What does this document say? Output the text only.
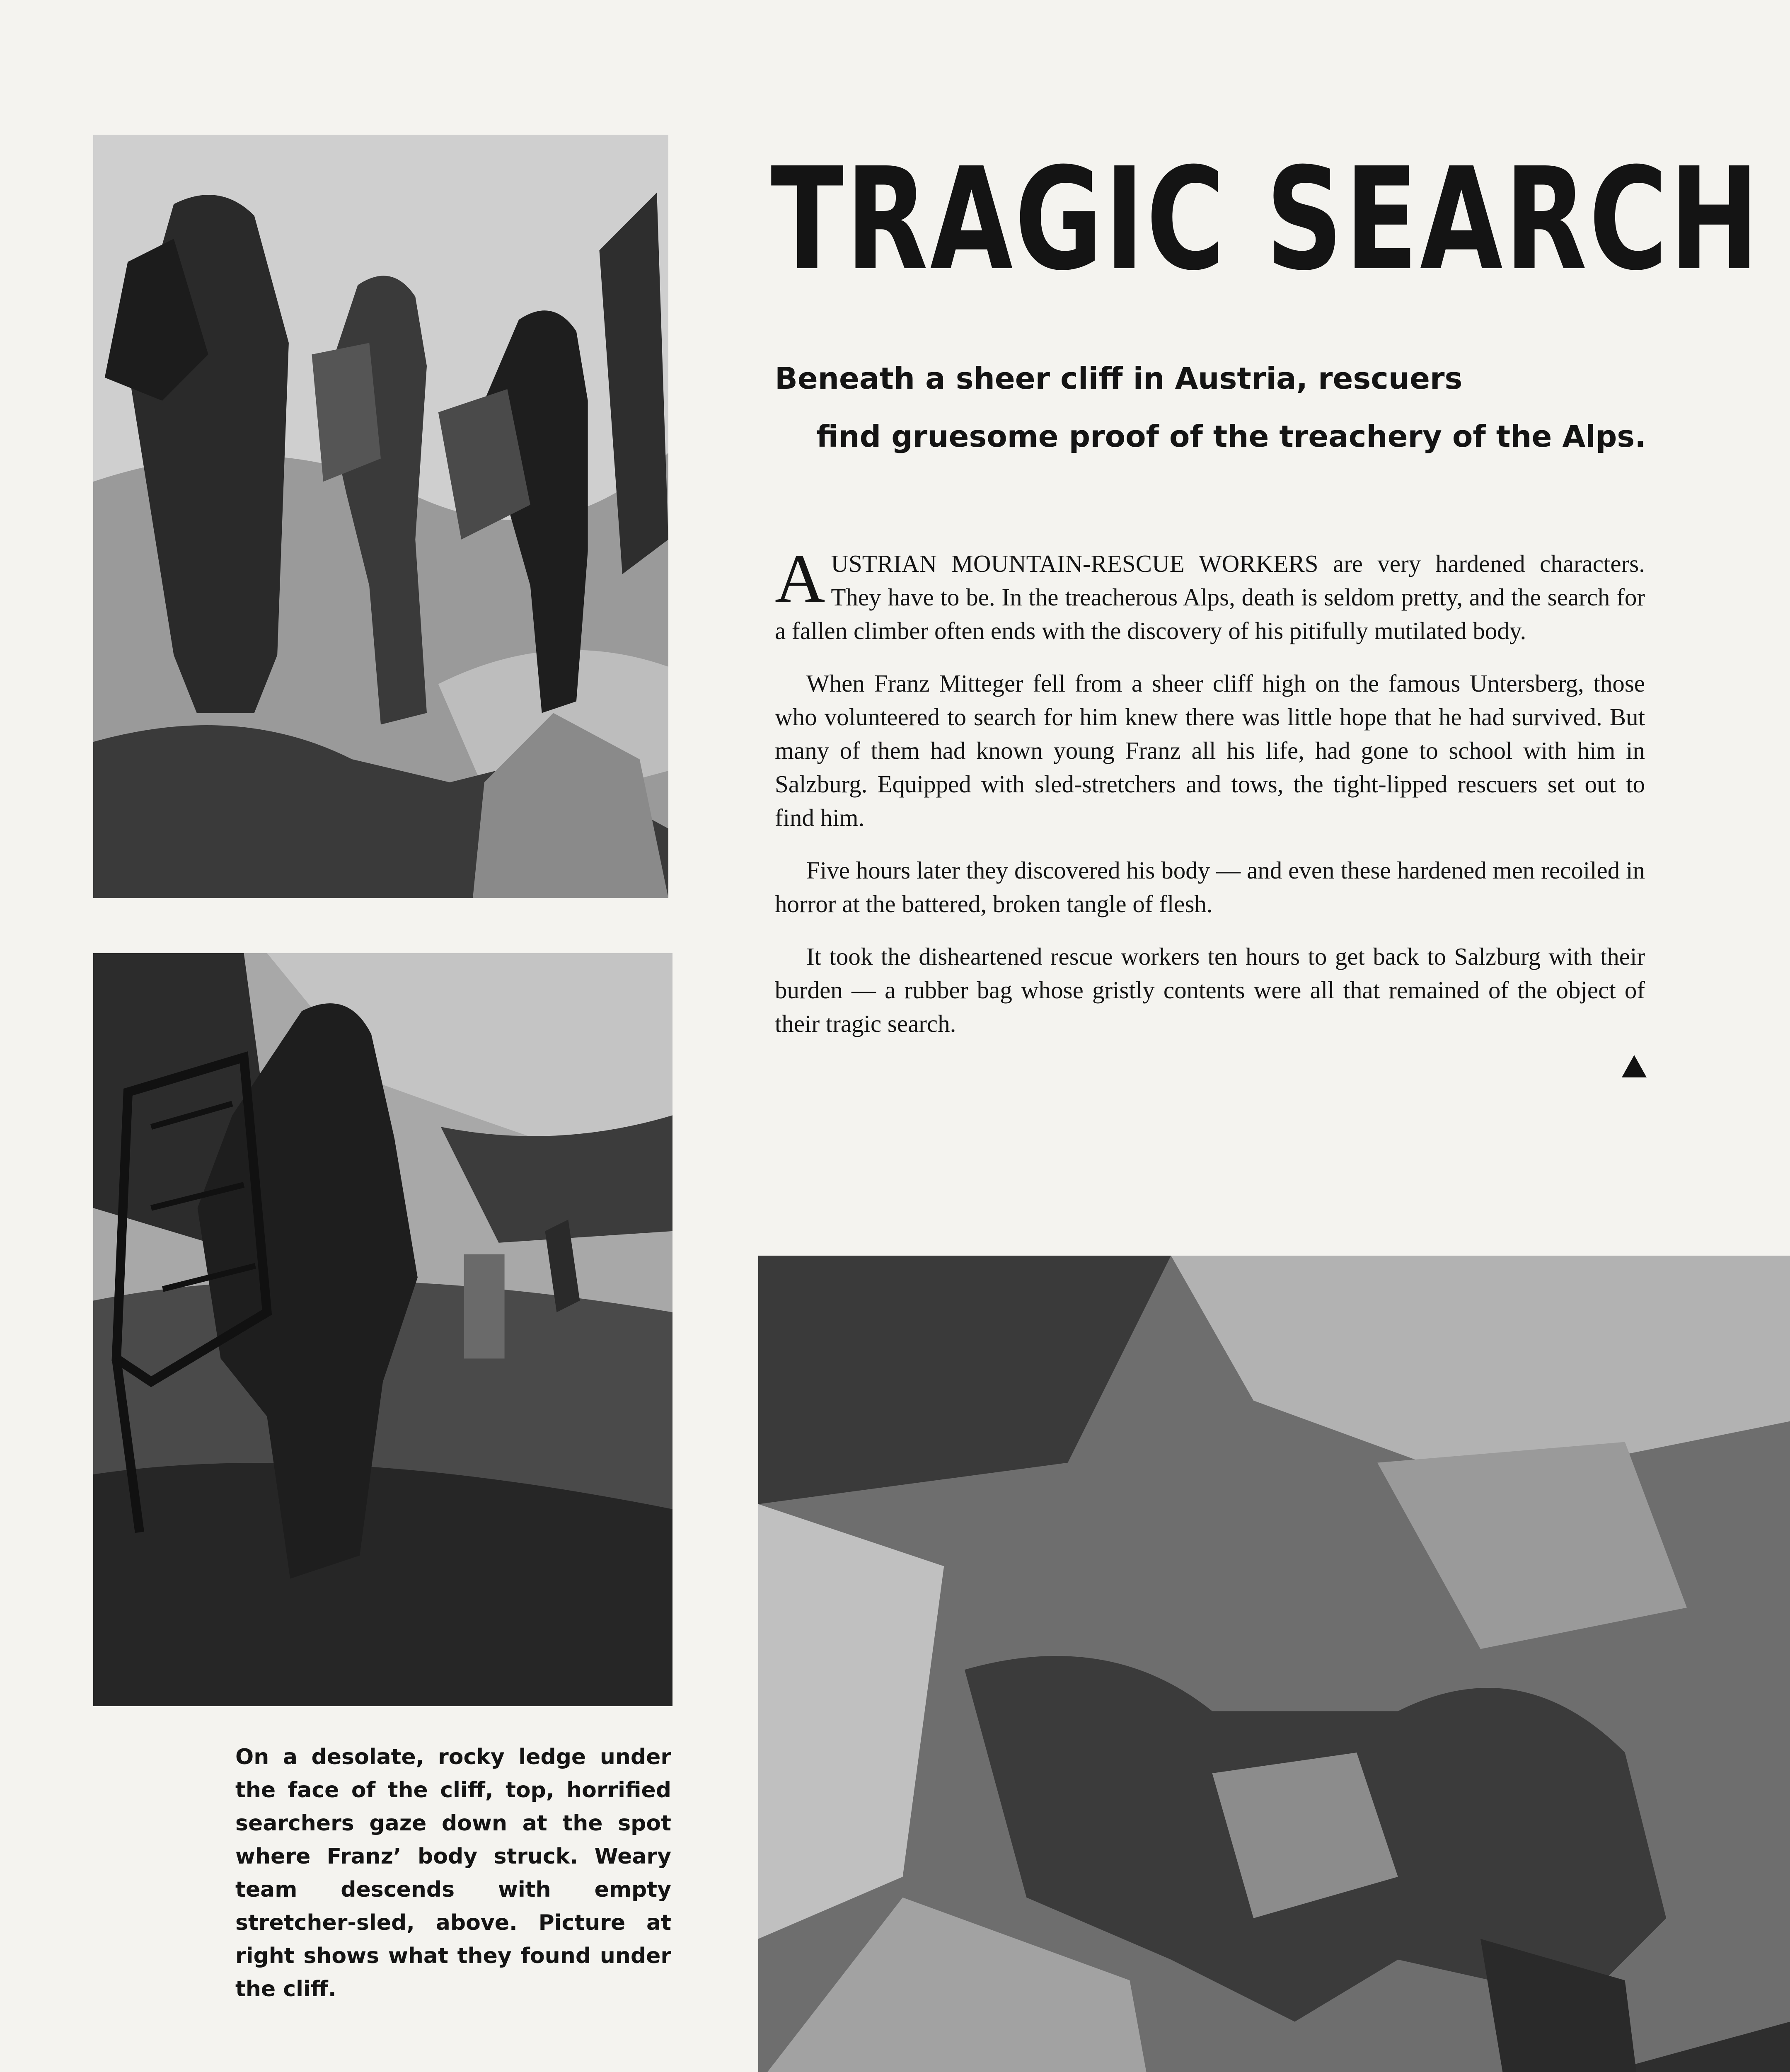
TRAGIC SEARCH
Beneath a sheer cliff in Austria, rescuers
find gruesome proof of the treachery of the Alps.

AUSTRIAN MOUNTAIN-RESCUE WORKERS are very hardened characters. They have to be. In the treacherous Alps, death is seldom pretty, and the search for a fallen climber often ends with the discovery of his pitifully mutilated body.

When Franz Mitteger fell from a sheer cliff high on the famous Untersberg, those who volunteered to search for him knew there was little hope that he had survived. But many of them had known young Franz all his life, had gone to school with him in Salzburg. Equipped with sled-stretchers and tows, the tight-lipped rescuers set out to find him.

Five hours later they discovered his body — and even these hardened men recoiled in horror at the battered, broken tangle of flesh.

It took the disheartened rescue workers ten hours to get back to Salzburg with their burden — a rubber bag whose gristly contents were all that remained of the object of their tragic search.

On a desolate, rocky ledge under the face of the cliff, top, horrified searchers gaze down at the spot where Franz’ body struck. Weary team descends with empty stretcher-sled, above. Picture at right shows what they found under the cliff.
